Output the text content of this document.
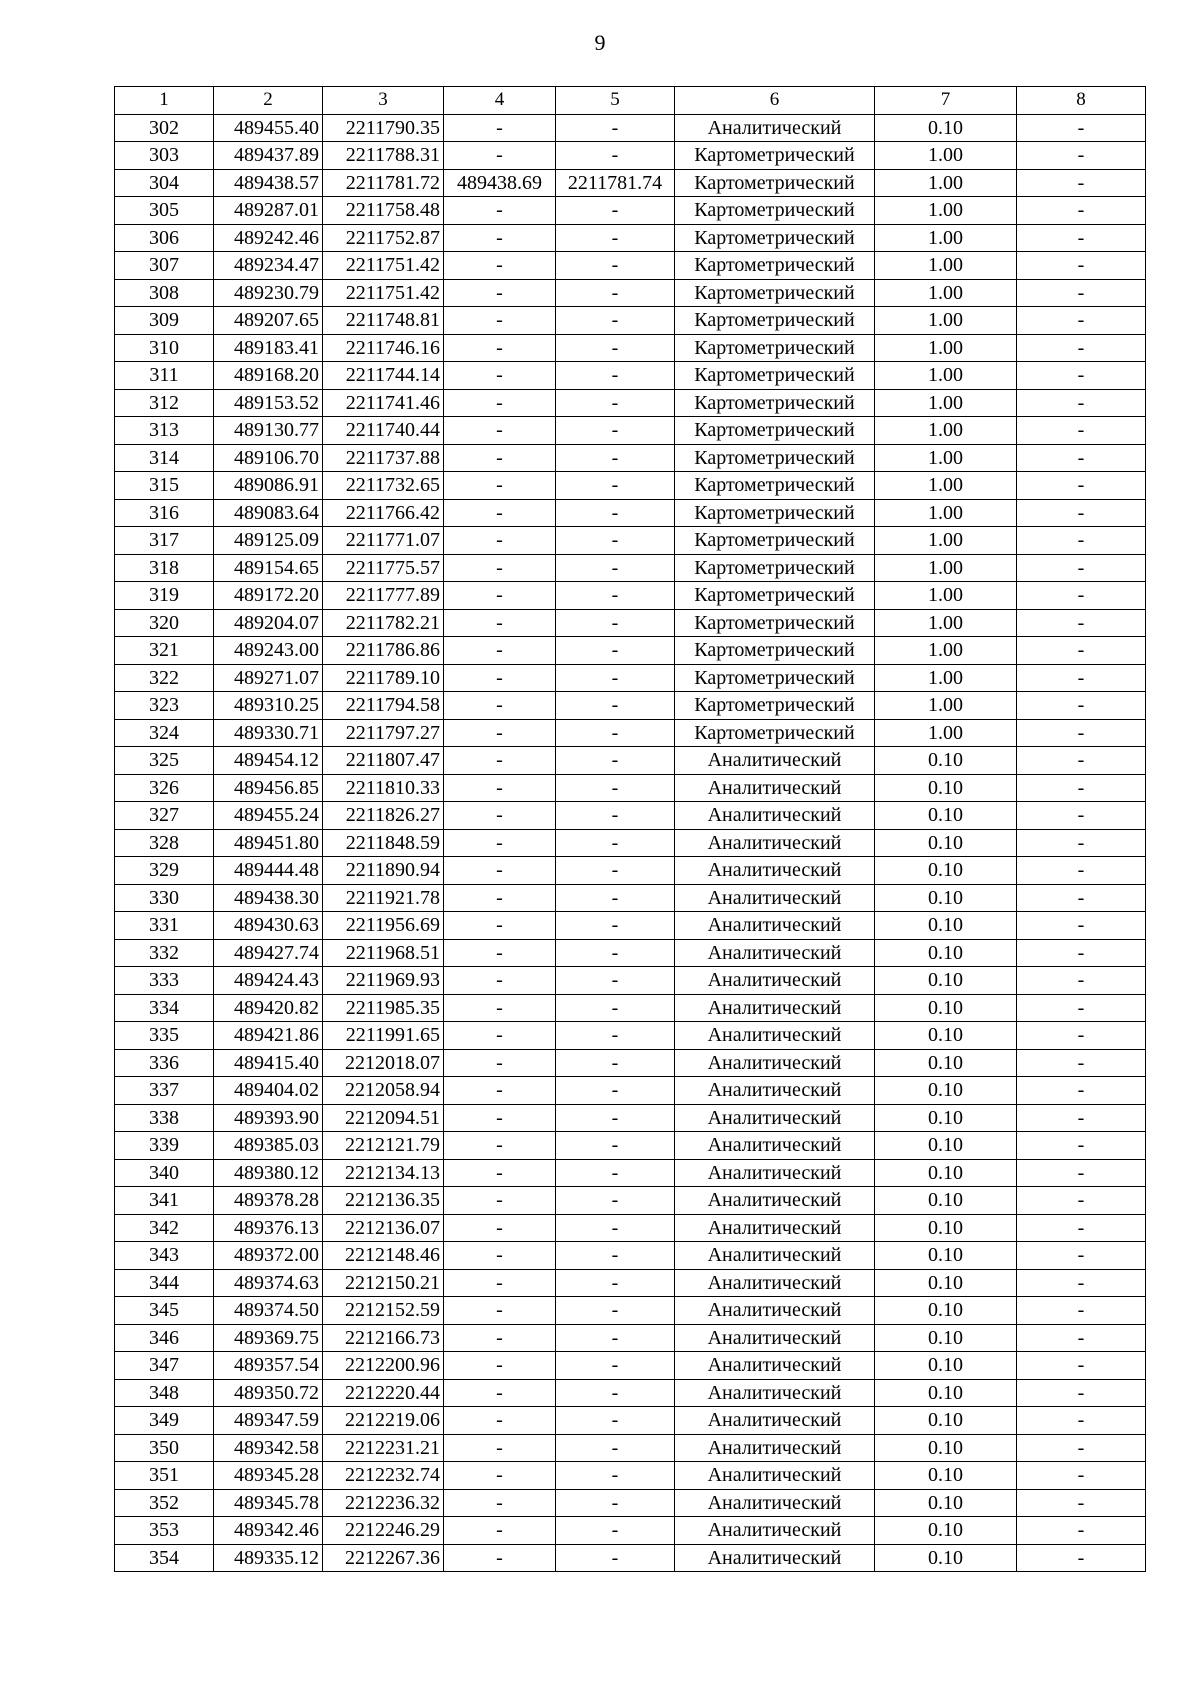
9
1	2	3	4	5	6	7	8
302	489455.40	2211790.35	-	-	Аналитический	0.10	-
303	489437.89	2211788.31	-	-	Картометрический	1.00	-
304	489438.57	2211781.72	489438.69	2211781.74	Картометрический	1.00	-
305	489287.01	2211758.48	-	-	Картометрический	1.00	-
306	489242.46	2211752.87	-	-	Картометрический	1.00	-
307	489234.47	2211751.42	-	-	Картометрический	1.00	-
308	489230.79	2211751.42	-	-	Картометрический	1.00	-
309	489207.65	2211748.81	-	-	Картометрический	1.00	-
310	489183.41	2211746.16	-	-	Картометрический	1.00	-
311	489168.20	2211744.14	-	-	Картометрический	1.00	-
312	489153.52	2211741.46	-	-	Картометрический	1.00	-
313	489130.77	2211740.44	-	-	Картометрический	1.00	-
314	489106.70	2211737.88	-	-	Картометрический	1.00	-
315	489086.91	2211732.65	-	-	Картометрический	1.00	-
316	489083.64	2211766.42	-	-	Картометрический	1.00	-
317	489125.09	2211771.07	-	-	Картометрический	1.00	-
318	489154.65	2211775.57	-	-	Картометрический	1.00	-
319	489172.20	2211777.89	-	-	Картометрический	1.00	-
320	489204.07	2211782.21	-	-	Картометрический	1.00	-
321	489243.00	2211786.86	-	-	Картометрический	1.00	-
322	489271.07	2211789.10	-	-	Картометрический	1.00	-
323	489310.25	2211794.58	-	-	Картометрический	1.00	-
324	489330.71	2211797.27	-	-	Картометрический	1.00	-
325	489454.12	2211807.47	-	-	Аналитический	0.10	-
326	489456.85	2211810.33	-	-	Аналитический	0.10	-
327	489455.24	2211826.27	-	-	Аналитический	0.10	-
328	489451.80	2211848.59	-	-	Аналитический	0.10	-
329	489444.48	2211890.94	-	-	Аналитический	0.10	-
330	489438.30	2211921.78	-	-	Аналитический	0.10	-
331	489430.63	2211956.69	-	-	Аналитический	0.10	-
332	489427.74	2211968.51	-	-	Аналитический	0.10	-
333	489424.43	2211969.93	-	-	Аналитический	0.10	-
334	489420.82	2211985.35	-	-	Аналитический	0.10	-
335	489421.86	2211991.65	-	-	Аналитический	0.10	-
336	489415.40	2212018.07	-	-	Аналитический	0.10	-
337	489404.02	2212058.94	-	-	Аналитический	0.10	-
338	489393.90	2212094.51	-	-	Аналитический	0.10	-
339	489385.03	2212121.79	-	-	Аналитический	0.10	-
340	489380.12	2212134.13	-	-	Аналитический	0.10	-
341	489378.28	2212136.35	-	-	Аналитический	0.10	-
342	489376.13	2212136.07	-	-	Аналитический	0.10	-
343	489372.00	2212148.46	-	-	Аналитический	0.10	-
344	489374.63	2212150.21	-	-	Аналитический	0.10	-
345	489374.50	2212152.59	-	-	Аналитический	0.10	-
346	489369.75	2212166.73	-	-	Аналитический	0.10	-
347	489357.54	2212200.96	-	-	Аналитический	0.10	-
348	489350.72	2212220.44	-	-	Аналитический	0.10	-
349	489347.59	2212219.06	-	-	Аналитический	0.10	-
350	489342.58	2212231.21	-	-	Аналитический	0.10	-
351	489345.28	2212232.74	-	-	Аналитический	0.10	-
352	489345.78	2212236.32	-	-	Аналитический	0.10	-
353	489342.46	2212246.29	-	-	Аналитический	0.10	-
354	489335.12	2212267.36	-	-	Аналитический	0.10	-
